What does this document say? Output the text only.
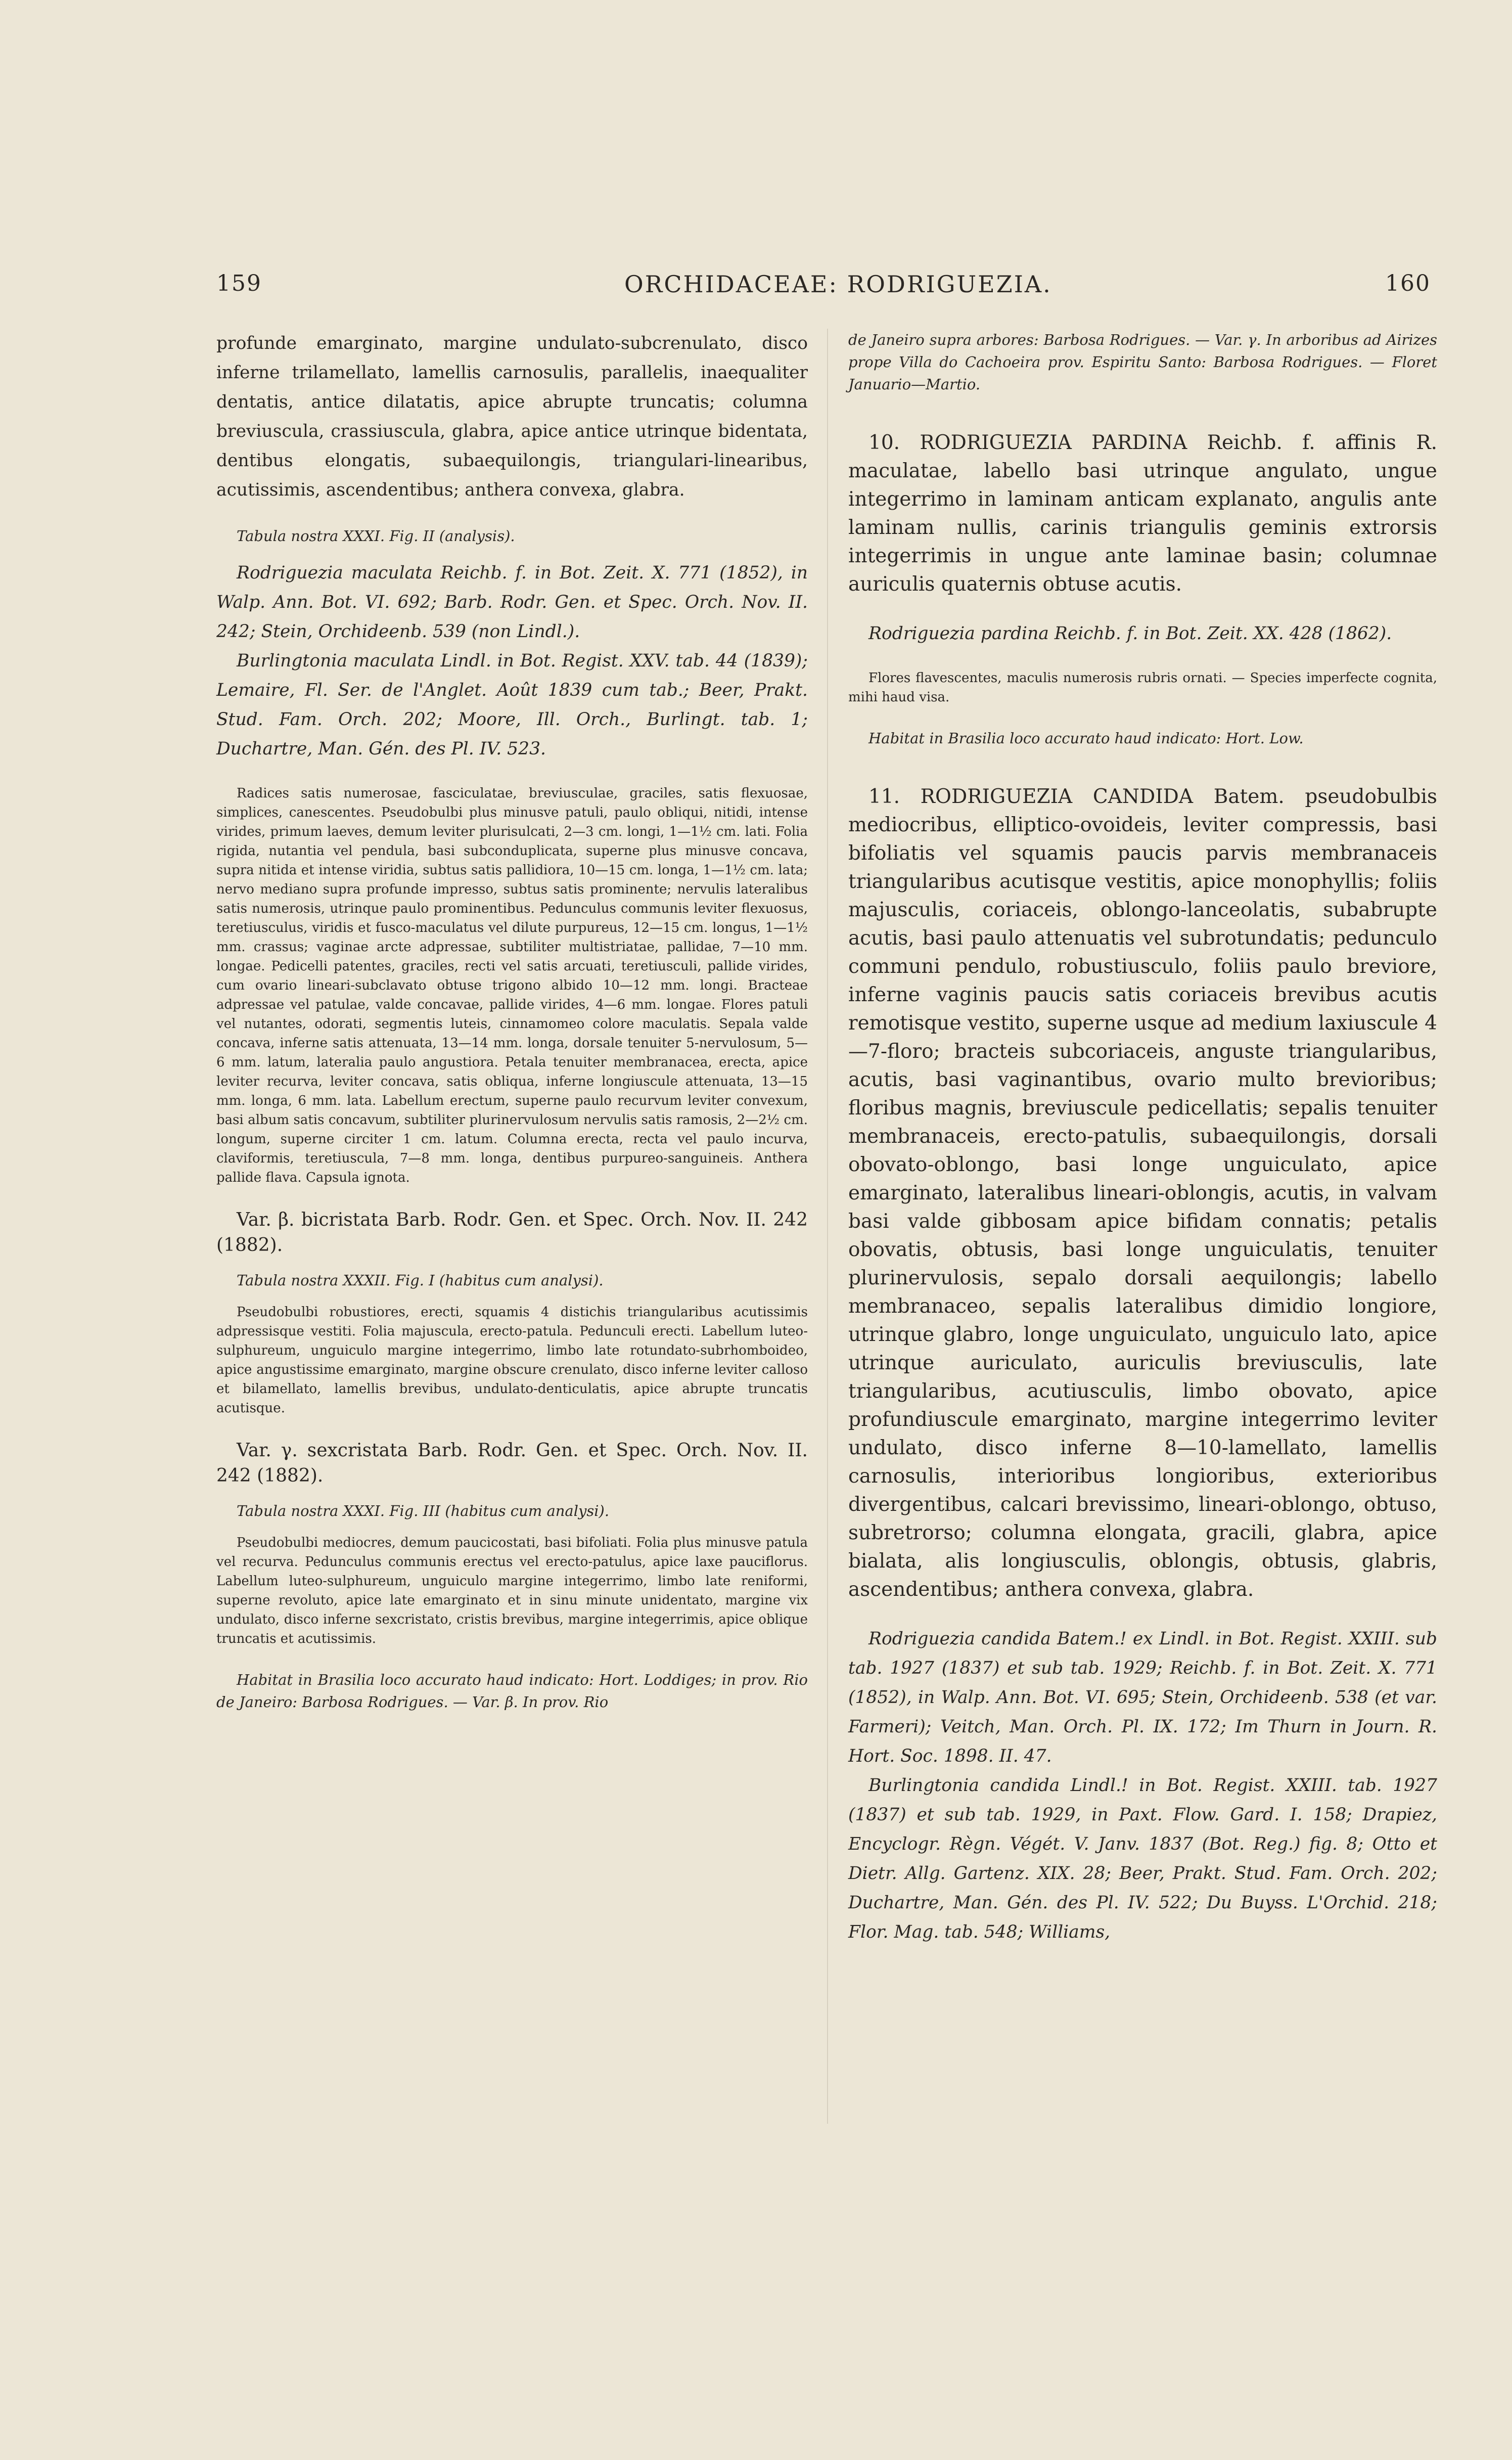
159	ORCHIDACEAE: RODRIGUEZIA.	160

profunde emarginato, margine undulato-subcrenulato, disco inferne trilamellato, lamellis carnosulis, parallelis, inaequaliter dentatis, antice dilatatis, apice abrupte truncatis; columna breviuscula, crassiuscula, glabra, apice antice utrinque bidentata, dentibus elongatis, subaequilongis, triangulari-linearibus, acutissimis, ascendentibus; anthera convexa, glabra.

Tabula nostra XXXI. Fig. II (analysis).

Rodriguezia maculata Reichb. f. in Bot. Zeit. X. 771 (1852), in Walp. Ann. Bot. VI. 692; Barb. Rodr. Gen. et Spec. Orch. Nov. II. 242; Stein, Orchideenb. 539 (non Lindl.).

Burlingtonia maculata Lindl. in Bot. Regist. XXV. tab. 44 (1839); Lemaire, Fl. Ser. de l'Anglet. Août 1839 cum tab.; Beer, Prakt. Stud. Fam. Orch. 202; Moore, Ill. Orch., Burlingt. tab. 1; Duchartre, Man. Gén. des Pl. IV. 523.

Radices satis numerosae, fasciculatae, breviusculae, graciles, satis flexuosae, simplices, canescentes. Pseudobulbi plus minusve patuli, paulo obliqui, nitidi, intense virides, primum laeves, demum leviter plurisulcati, 2—3 cm. longi, 1—1½ cm. lati. Folia rigida, nutantia vel pendula, basi subconduplicata, superne plus minusve concava, supra nitida et intense viridia, subtus satis pallidiora, 10—15 cm. longa, 1—1½ cm. lata; nervo mediano supra profunde impresso, subtus satis prominente; nervulis lateralibus satis numerosis, utrinque paulo prominentibus. Pedunculus communis leviter flexuosus, teretiusculus, viridis et fusco-maculatus vel dilute purpureus, 12—15 cm. longus, 1—1½ mm. crassus; vaginae arcte adpressae, subtiliter multistriatae, pallidae, 7—10 mm. longae. Pedicelli patentes, graciles, recti vel satis arcuati, teretiusculi, pallide virides, cum ovario lineari-subclavato obtuse trigono albido 10—12 mm. longi. Bracteae adpressae vel patulae, valde concavae, pallide virides, 4—6 mm. longae. Flores patuli vel nutantes, odorati, segmentis luteis, cinnamomeo colore maculatis. Sepala valde concava, inferne satis attenuata, 13—14 mm. longa, dorsale tenuiter 5-nervulosum, 5—6 mm. latum, lateralia paulo angustiora. Petala tenuiter membranacea, erecta, apice leviter recurva, leviter concava, satis obliqua, inferne longiuscule attenuata, 13—15 mm. longa, 6 mm. lata. Labellum erectum, superne paulo recurvum leviter convexum, basi album satis concavum, subtiliter plurinervulosum nervulis satis ramosis, 2—2½ cm. longum, superne circiter 1 cm. latum. Columna erecta, recta vel paulo incurva, claviformis, teretiuscula, 7—8 mm. longa, dentibus purpureo-sanguineis. Anthera pallide flava. Capsula ignota.

Var. β. bicristata Barb. Rodr. Gen. et Spec. Orch. Nov. II. 242 (1882).

Tabula nostra XXXII. Fig. I (habitus cum analysi).

Pseudobulbi robustiores, erecti, squamis 4 distichis triangularibus acutissimis adpressisque vestiti. Folia majuscula, erecto-patula. Pedunculi erecti. Labellum luteo-sulphureum, unguiculo margine integerrimo, limbo late rotundato-subrhomboideo, apice angustissime emarginato, margine obscure crenulato, disco inferne leviter calloso et bilamellato, lamellis brevibus, undulato-denticulatis, apice abrupte truncatis acutisque.

Var. γ. sexcristata Barb. Rodr. Gen. et Spec. Orch. Nov. II. 242 (1882).

Tabula nostra XXXI. Fig. III (habitus cum analysi).

Pseudobulbi mediocres, demum paucicostati, basi bifoliati. Folia plus minusve patula vel recurva. Pedunculus communis erectus vel erecto-patulus, apice laxe pauciflorus. Labellum luteo-sulphureum, unguiculo margine integerrimo, limbo late reniformi, superne revoluto, apice late emarginato et in sinu minute unidentato, margine vix undulato, disco inferne sexcristato, cristis brevibus, margine integerrimis, apice oblique truncatis et acutissimis.

Habitat in Brasilia loco accurato haud indicato: Hort. Loddiges; in prov. Rio de Janeiro: Barbosa Rodrigues. — Var. β. In prov. Rio

de Janeiro supra arbores: Barbosa Rodrigues. — Var. γ. In arboribus ad Airizes prope Villa do Cachoeira prov. Espiritu Santo: Barbosa Rodrigues. — Floret Januario—Martio.

10. RODRIGUEZIA PARDINA Reichb. f. affinis R. maculatae, labello basi utrinque angulato, ungue integerrimo in laminam anticam explanato, angulis ante laminam nullis, carinis triangulis geminis extrorsis integerrimis in ungue ante laminae basin; columnae auriculis quaternis obtuse acutis.

Rodriguezia pardina Reichb. f. in Bot. Zeit. XX. 428 (1862).

Flores flavescentes, maculis numerosis rubris ornati. — Species imperfecte cognita, mihi haud visa.

Habitat in Brasilia loco accurato haud indicato: Hort. Low.

11. RODRIGUEZIA CANDIDA Batem. pseudobulbis mediocribus, elliptico-ovoideis, leviter compressis, basi bifoliatis vel squamis paucis parvis membranaceis triangularibus acutisque vestitis, apice monophyllis; foliis majusculis, coriaceis, oblongo-lanceolatis, subabrupte acutis, basi paulo attenuatis vel subrotundatis; pedunculo communi pendulo, robustiusculo, foliis paulo breviore, inferne vaginis paucis satis coriaceis brevibus acutis remotisque vestito, superne usque ad medium laxiuscule 4—7-floro; bracteis subcoriaceis, anguste triangularibus, acutis, basi vaginantibus, ovario multo brevioribus; floribus magnis, breviuscule pedicellatis; sepalis tenuiter membranaceis, erecto-patulis, subaequilongis, dorsali obovato-oblongo, basi longe unguiculato, apice emarginato, lateralibus lineari-oblongis, acutis, in valvam basi valde gibbosam apice bifidam connatis; petalis obovatis, obtusis, basi longe unguiculatis, tenuiter plurinervulosis, sepalo dorsali aequilongis; labello membranaceo, sepalis lateralibus dimidio longiore, utrinque glabro, longe unguiculato, unguiculo lato, apice utrinque auriculato, auriculis breviusculis, late triangularibus, acutiusculis, limbo obovato, apice profundiuscule emarginato, margine integerrimo leviter undulato, disco inferne 8—10-lamellato, lamellis carnosulis, interioribus longioribus, exterioribus divergentibus, calcari brevissimo, lineari-oblongo, obtuso, subretrorso; columna elongata, gracili, glabra, apice bialata, alis longiusculis, oblongis, obtusis, glabris, ascendentibus; anthera convexa, glabra.

Rodriguezia candida Batem.! ex Lindl. in Bot. Regist. XXIII. sub tab. 1927 (1837) et sub tab. 1929; Reichb. f. in Bot. Zeit. X. 771 (1852), in Walp. Ann. Bot. VI. 695; Stein, Orchideenb. 538 (et var. Farmeri); Veitch, Man. Orch. Pl. IX. 172; Im Thurn in Journ. R. Hort. Soc. 1898. II. 47.

Burlingtonia candida Lindl.! in Bot. Regist. XXIII. tab. 1927 (1837) et sub tab. 1929, in Paxt. Flow. Gard. I. 158; Drapiez, Encyclogr. Règn. Végét. V. Janv. 1837 (Bot. Reg.) fig. 8; Otto et Dietr. Allg. Gartenz. XIX. 28; Beer, Prakt. Stud. Fam. Orch. 202; Duchartre, Man. Gén. des Pl. IV. 522; Du Buyss. L'Orchid. 218; Flor. Mag. tab. 548; Williams,
